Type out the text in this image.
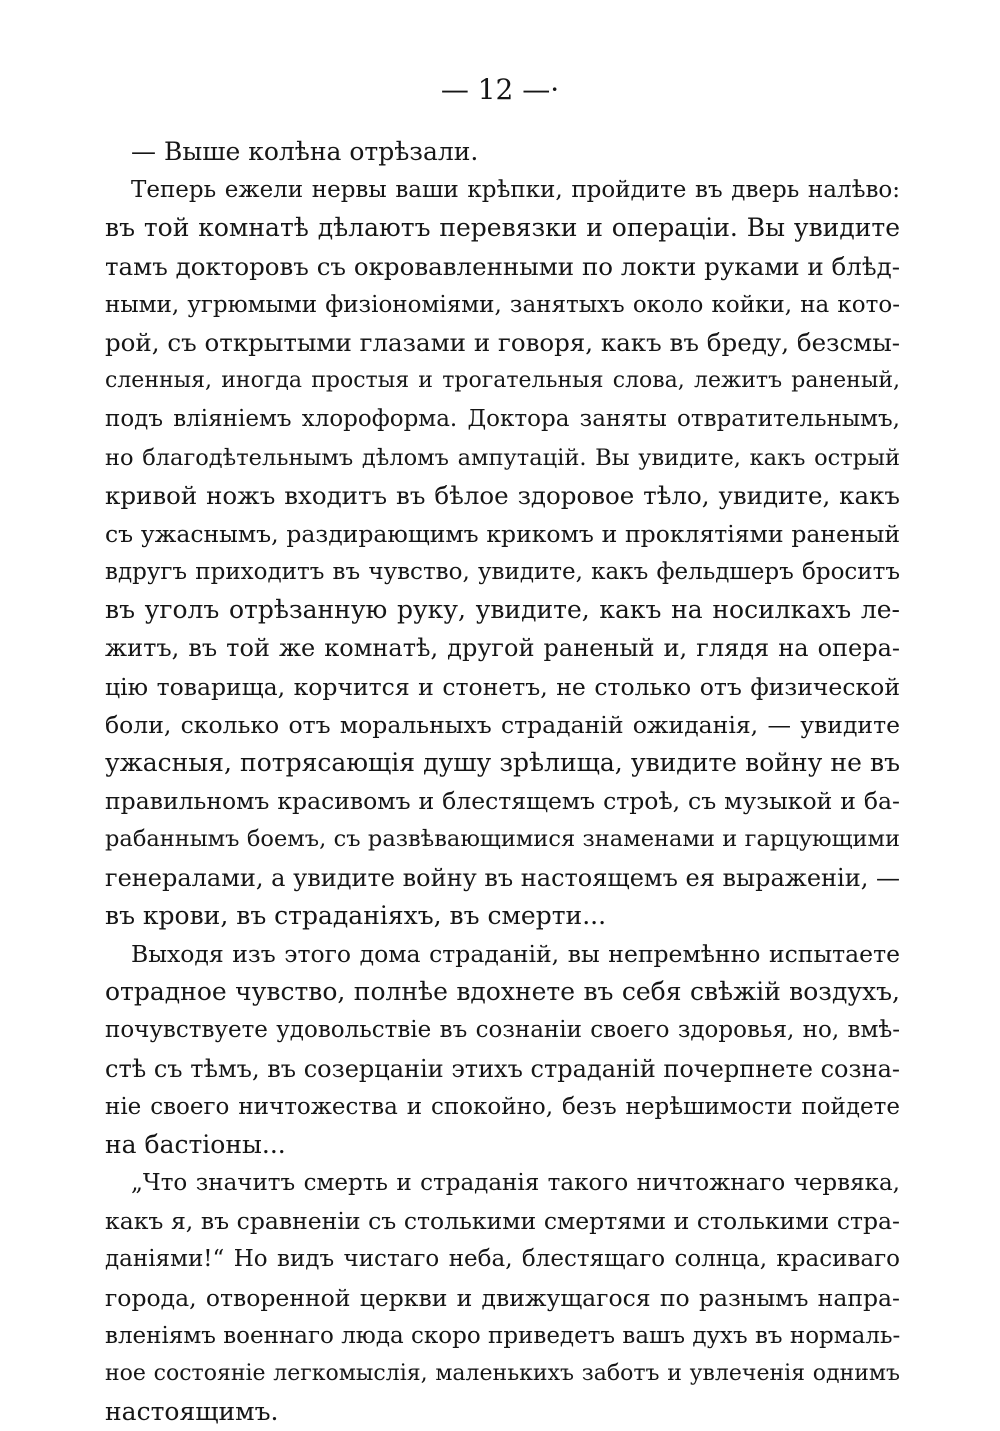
— 12 —·
— Выше колѣна отрѣзали.
Теперь ежели нервы ваши крѣпки, пройдите въ дверь налѣво:
въ той комнатѣ дѣлаютъ перевязки и операціи. Вы увидите
тамъ докторовъ съ окровавленными по локти руками и блѣд-
ными, угрюмыми физіономіями, занятыхъ около койки, на кото-
рой, съ открытыми глазами и говоря, какъ въ бреду, безсмы-
сленныя, иногда простыя и трогательныя слова, лежитъ раненый,
подъ вліяніемъ хлороформа. Доктора заняты отвратительнымъ,
но благодѣтельнымъ дѣломъ ампутацій. Вы увидите, какъ острый
кривой ножъ входитъ въ бѣлое здоровое тѣло, увидите, какъ
съ ужаснымъ, раздирающимъ крикомъ и проклятіями раненый
вдругъ приходитъ въ чувство, увидите, какъ фельдшеръ броситъ
въ уголъ отрѣзанную руку, увидите, какъ на носилкахъ ле-
житъ, въ той же комнатѣ, другой раненый и, глядя на опера-
цію товарища, корчится и стонетъ, не столько отъ физической
боли, сколько отъ моральныхъ страданій ожиданія, — увидите
ужасныя, потрясающія душу зрѣлища, увидите войну не въ
правильномъ красивомъ и блестящемъ строѣ, съ музыкой и ба-
рабаннымъ боемъ, съ развѣвающимися знаменами и гарцующими
генералами, а увидите войну въ настоящемъ ея выраженіи, —
въ крови, въ страданіяхъ, въ смерти...
Выходя изъ этого дома страданій, вы непремѣнно испытаете
отрадное чувство, полнѣе вдохнете въ себя свѣжій воздухъ,
почувствуете удовольствіе въ сознаніи своего здоровья, но, вмѣ-
стѣ съ тѣмъ, въ созерцаніи этихъ страданій почерпнете созна-
ніе своего ничтожества и спокойно, безъ нерѣшимости пойдете
на бастіоны...
„Что значитъ смерть и страданія такого ничтожнаго червяка,
какъ я, въ сравненіи съ столькими смертями и столькими стра-
даніями!“ Но видъ чистаго неба, блестящаго солнца, красиваго
города, отворенной церкви и движущагося по разнымъ напра-
вленіямъ военнаго люда скоро приведетъ вашъ духъ въ нормаль-
ное состояніе легкомыслія, маленькихъ заботъ и увлеченія однимъ
настоящимъ.
